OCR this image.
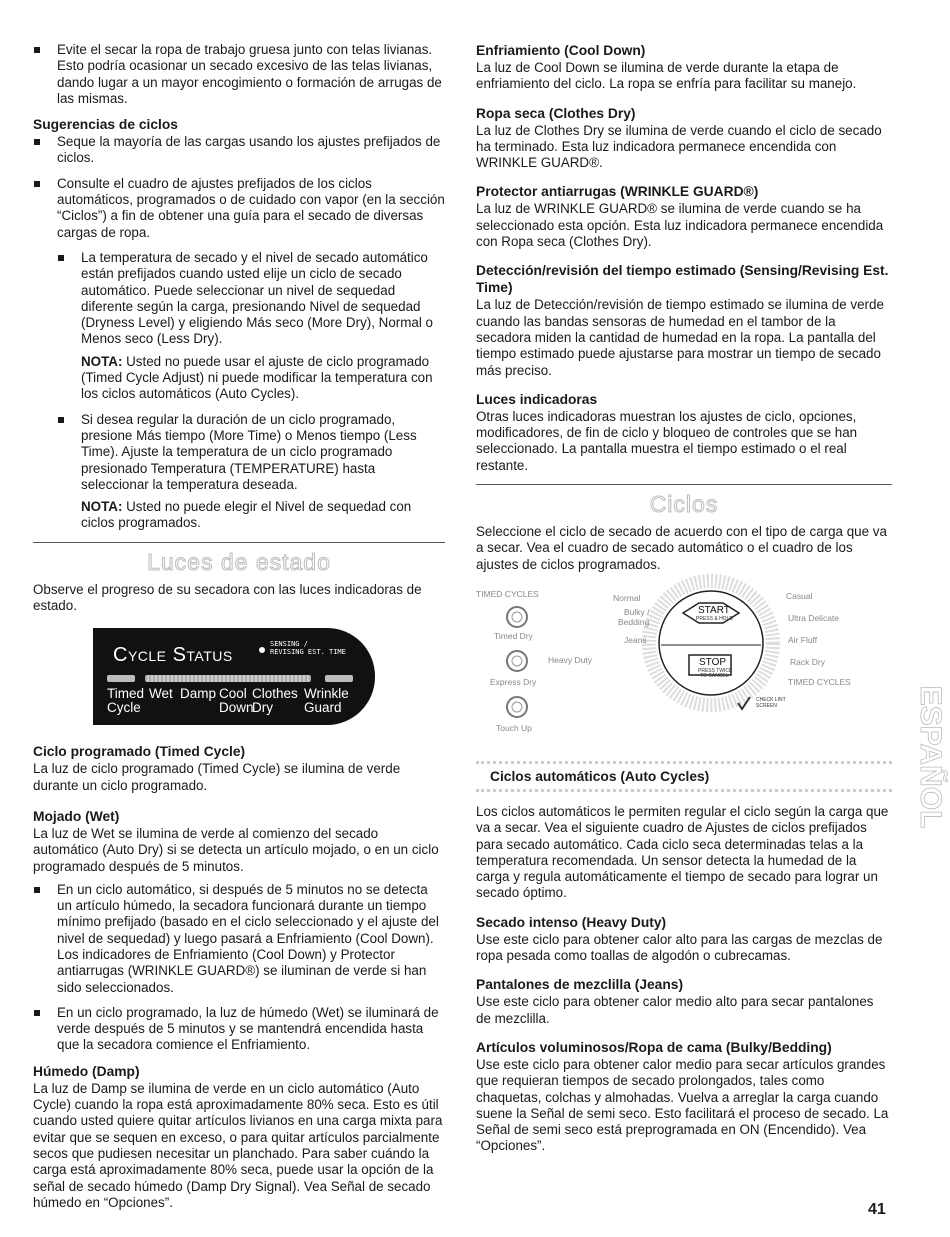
Evite el secar la ropa de trabajo gruesa junto con telas livianas. Esto podría ocasionar un secado excesivo de las telas livianas, dando lugar a un mayor encogimiento o formación de arrugas de las mismas.
Sugerencias de ciclos
Seque la mayoría de las cargas usando los ajustes prefijados de ciclos.
Consulte el cuadro de ajustes prefijados de los ciclos automáticos, programados o de cuidado con vapor (en la sección “Ciclos”) a fin de obtener una guía para el secado de diversas cargas de ropa.
La temperatura de secado y el nivel de secado automático están prefijados cuando usted elije un ciclo de secado automático. Puede seleccionar un nivel de sequedad diferente según la carga, presionando Nivel de sequedad (Dryness Level) y eligiendo Más seco (More Dry), Normal o Menos seco (Less Dry).

NOTA: Usted no puede usar el ajuste de ciclo programado (Timed Cycle Adjust) ni puede modificar la temperatura con los ciclos automáticos (Auto Cycles).

Si desea regular la duración de un ciclo programado, presione Más tiempo (More Time) o Menos tiempo (Less Time). Ajuste la temperatura de un ciclo programado presionado Temperatura (TEMPERATURE) hasta seleccionar la temperatura deseada.

NOTA: Usted no puede elegir el Nivel de sequedad con ciclos programados.

Luces de estado

Observe el progreso de su secadora con las luces indicadoras de estado.

Cycle Status	SENSING /
REVISING EST. TIME
Timed
Cycle
Wet Damp Cool
Down
Clothes
Dry
Wrinkle
Guard
Ciclo programado (Timed Cycle)

La luz de ciclo programado (Timed Cycle) se ilumina de verde durante un ciclo programado.

Mojado (Wet)

La luz de Wet se ilumina de verde al comienzo del secado automático (Auto Dry) si se detecta un artículo mojado, o en un ciclo programado después de 5 minutos.

En un ciclo automático, si después de 5 minutos no se detecta un artículo húmedo, la secadora funcionará durante un tiempo mínimo prefijado (basado en el ciclo seleccionado y el ajuste del nivel de sequedad) y luego pasará a Enfriamiento (Cool Down). Los indicadores de Enfriamiento (Cool Down) y Protector antiarrugas (WRINKLE GUARD®) se iluminan de verde si han sido seleccionados.
En un ciclo programado, la luz de húmedo (Wet) se iluminará de verde después de 5 minutos y se mantendrá encendida hasta que la secadora comience el Enfriamiento.
Húmedo (Damp)

La luz de Damp se ilumina de verde en un ciclo automático (Auto Cycle) cuando la ropa está aproximadamente 80% seca. Esto es útil cuando usted quiere quitar artículos livianos en una carga mixta para evitar que se sequen en exceso, o para quitar artículos parcialmente secos que pudiesen necesitar un planchado. Para saber cuándo la carga está aproximadamente 80% seca, puede usar la opción de la señal de secado húmedo (Damp Dry Signal). Vea Señal de secado húmedo en “Opciones”.

Enfriamiento (Cool Down)

La luz de Cool Down se ilumina de verde durante la etapa de enfriamiento del ciclo. La ropa se enfría para facilitar su manejo.

Ropa seca (Clothes Dry)

La luz de Clothes Dry se ilumina de verde cuando el ciclo de secado ha terminado. Esta luz indicadora permanece encendida con WRINKLE GUARD®.

Protector antiarrugas (WRINKLE GUARD®)

La luz de WRINKLE GUARD® se ilumina de verde cuando se ha seleccionado esta opción. Esta luz indicadora permanece encendida con Ropa seca (Clothes Dry).

Detección/revisión del tiempo estimado (Sensing/Revising Est. Time)

La luz de Detección/revisión de tiempo estimado se ilumina de verde cuando las bandas sensoras de humedad en el tambor de la secadora miden la cantidad de humedad en la ropa. La pantalla del tiempo estimado puede ajustarse para mostrar un tiempo de secado más preciso.

Luces indicadoras

Otras luces indicadoras muestran los ajustes de ciclo, opciones, modificadores, de fin de ciclo y bloqueo de controles que se han seleccionado. La pantalla muestra el tiempo estimado o el real restante.

Ciclos

Seleccione el ciclo de secado de acuerdo con el tipo de carga que va a secar. Vea el cuadro de secado automático o el cuadro de los ajustes de ciclos programados.

TIMED CYCLES
Timed Dry
Express Dry
Touch Up
Normal
Bulky /
Bedding
Jeans
Heavy Duty
Casual
Ultra Delicate
Air Fluff
Rack Dry
TIMED CYCLES
START
PRESS & HOLD
STOP
PRESS TWICE
TO CANCEL
CHECK LINT
SCREEN
Ciclos automáticos (Auto Cycles)

Los ciclos automáticos le permiten regular el ciclo según la carga que va a secar. Vea el siguiente cuadro de Ajustes de ciclos prefijados para secado automático. Cada ciclo seca determinadas telas a la temperatura recomendada. Un sensor detecta la humedad de la carga y regula automáticamente el tiempo de secado para lograr un secado óptimo.

Secado intenso (Heavy Duty)

Use este ciclo para obtener calor alto para las cargas de mezclas de ropa pesada como toallas de algodón o cubrecamas.

Pantalones de mezclilla (Jeans)

Use este ciclo para obtener calor medio alto para secar pantalones de mezclilla.

Artículos voluminosos/Ropa de cama (Bulky/Bedding)

Use este ciclo para obtener calor medio para secar artículos grandes que requieran tiempos de secado prolongados, tales como chaquetas, colchas y almohadas. Vuelva a arreglar la carga cuando suene la Señal de semi seco. Esto facilitará el proceso de secado. La Señal de semi seco está preprogramada en ON (Encendido). Vea “Opciones”.

ESPAÑOL
41
